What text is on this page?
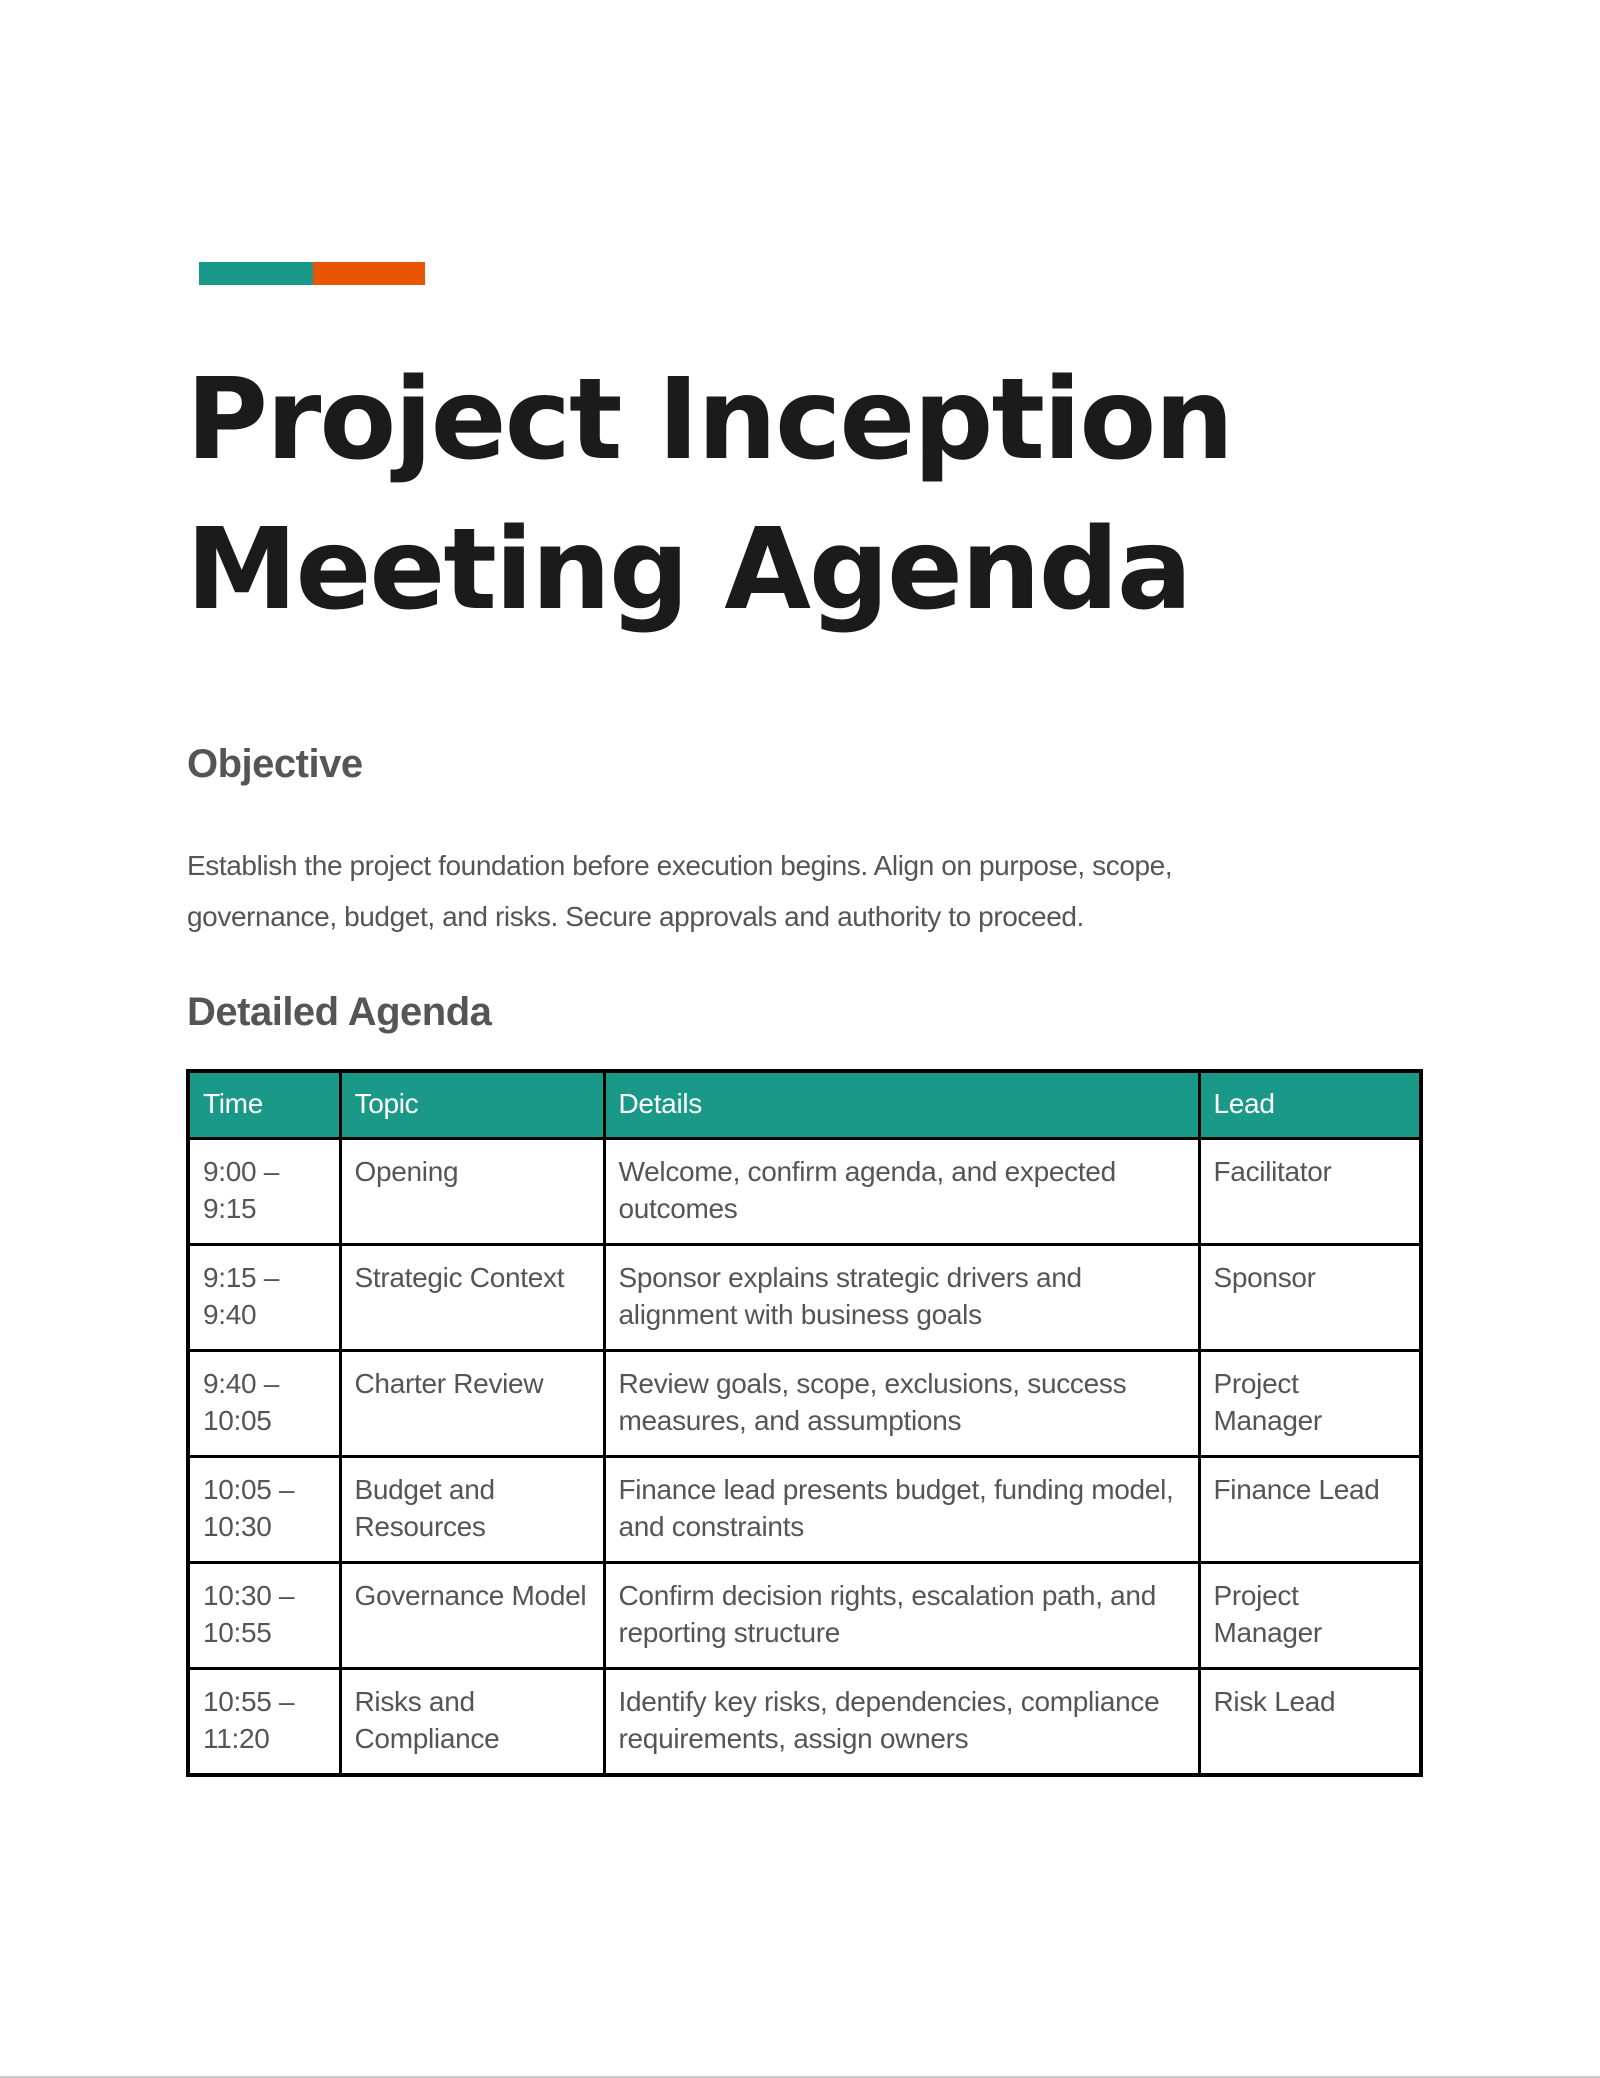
Project Inception
Meeting Agenda
Objective

Establish the project foundation before execution begins. Align on purpose, scope,
governance, budget, and risks. Secure approvals and authority to proceed.

Detailed Agenda
Time	Topic	Details	Lead
9:00 – 9:15	Opening	Welcome, confirm agenda, and expected outcomes	Facilitator
9:15 – 9:40	Strategic Context	Sponsor explains strategic drivers and alignment with business goals	Sponsor
9:40 – 10:05	Charter Review	Review goals, scope, exclusions, success measures, and assumptions	Project Manager
10:05 – 10:30	Budget and Resources	Finance lead presents budget, funding model, and constraints	Finance Lead
10:30 – 10:55	Governance Model	Confirm decision rights, escalation path, and reporting structure	Project Manager
10:55 – 11:20	Risks and Compliance	Identify key risks, dependencies, compliance requirements, assign owners	Risk Lead
